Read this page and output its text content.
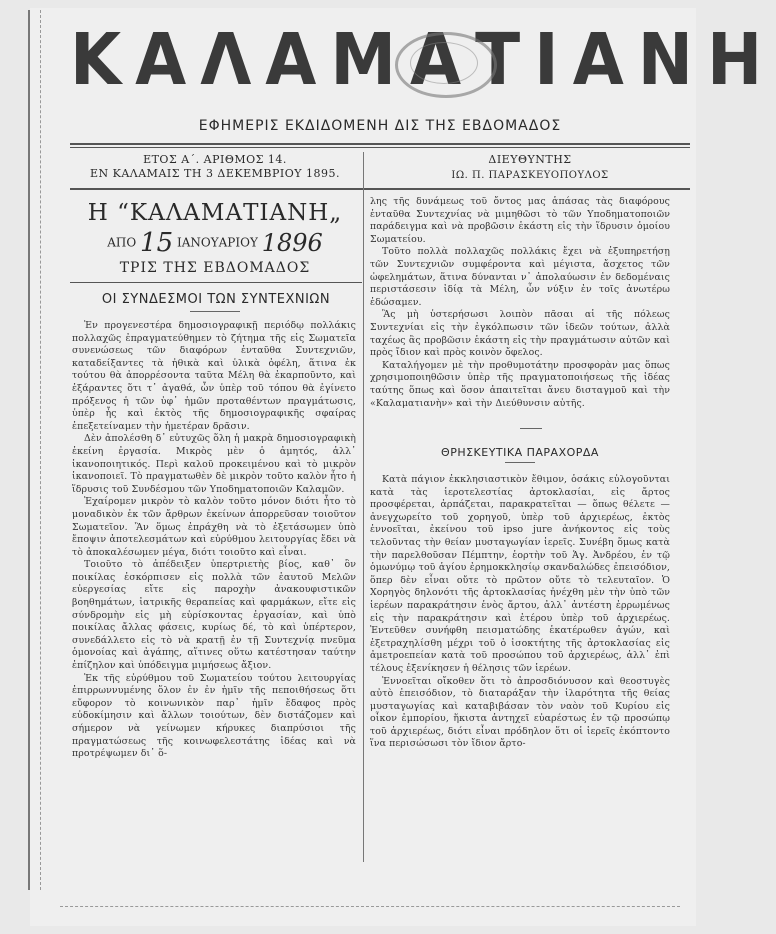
ΚΑΛΑΜΑΤΙΑΝΗ
ΕΦΗΜΕΡΙΣ ΕΚΔΙΔΟΜΕΝΗ ΔΙΣ ΤΗΣ ΕΒΔΟΜΑΔΟΣ
ΕΤΟΣ Α΄. ΑΡΙΘΜΟΣ 14.
ΕΝ ΚΑΛΑΜΑΙΣ ΤΗ 3 ΔΕΚΕΜΒΡΙΟΥ 1895.
ΔΙΕΥΘΥΝΤΗΣ
ΙΩ. Π. ΠΑΡΑΣΚΕΥΟΠΟΥΛΟΣ
Η “ΚΑΛΑΜΑΤΙΑΝΗ„
ΑΠΟ 15 ΙΑΝΟΥΑΡΙΟΥ 1896
ΤΡΙΣ ΤΗΣ ΕΒΔΟΜΑΔΟΣ
ΟΙ ΣΥΝΔΕΣΜΟΙ ΤΩΝ ΣΥΝΤΕΧΝΙΩΝ

Ἐν προγενεστέρα δημοσιογραφικῇ περιόδῳ πολλάκις πολλαχῶς ἐπραγματεύθημεν τὸ ζήτημα τῆς εἰς Σωματεῖα συνενώσεως τῶν διαφόρων ἐνταῦθα Συντεχνιῶν, καταδείξαντες τὰ ἠθικὰ καὶ ὑλικὰ ὀφέλη, ἅτινα ἐκ τούτου θὰ ἀπορρέσοντα ταῦτα Μέλη θὰ ἐκαρποῦντο, καὶ ἐξάραντες ὅτι τ᾽ ἀγαθά, ὧν ὑπὲρ τοῦ τόπου θὰ ἐγίνετο πρόξενος ἡ τῶν ὑφ᾽ ἡμῶν προταθέντων πραγμάτωσις, ὑπὲρ ἧς καὶ ἐκτὸς τῆς δημοσιογραφικῆς σφαίρας ἐπεξετείναμεν τὴν ἡμετέραν δρᾶσιν.

Δὲν ἀπολέσθη δ᾽ εὐτυχῶς ὅλη ἡ μακρὰ δημοσιογραφικὴ ἐκείνη ἐργασία. Μικρὸς μὲν ὁ ἀμητός, ἀλλ᾽ ἱκανοποιητικός. Περὶ καλοῦ προκειμένου καὶ τὸ μικρὸν ἱκανοποιεῖ. Τὸ πραγματωθὲν δὲ μικρὸν τοῦτο καλὸν ἦτο ἡ ἵδρυσις τοῦ Συνδέσμου τῶν Υποδηματοποιῶν Καλαμῶν.

Ἐχαίρομεν μικρὸν τὸ καλὸν τοῦτο μόνον διότι ἦτο τὸ μοναδικὸν ἐκ τῶν ἄρθρων ἐκείνων ἀπορρεῦσαν τοιοῦτον Σωματεῖον. Ἂν ὅμως ἐπράχθη νὰ τὸ ἐξετάσωμεν ὑπὸ ἔποψιν ἀποτελεσμάτων καὶ εὐρύθμου λειτουργίας ἔδει νὰ τὸ ἀποκαλέσωμεν μέγα, διότι τοιοῦτο καὶ εἶναι.

Τοιοῦτο τὸ ἀπέδειξεν ὑπερτριετὴς βίος, καθ᾽ ὃν ποικίλας ἐσκόρπισεν εἰς πολλὰ τῶν ἑαυτοῦ Μελῶν εὐεργεσίας εἴτε εἰς παροχὴν ἀνακουφιστικῶν βοηθημάτων, ἰατρικῆς θεραπείας καὶ φαρμάκων, εἴτε εἰς σύνδρομὴν εἰς μὴ εὑρίσκοντας ἐργασίαν, καὶ ὑπὸ ποικίλας ἄλλας φάσεις, κυρίως δέ, τὸ καὶ ὑπέρτερον, συνεδάλλετο εἰς τὸ νὰ κρατῇ ἐν τῇ Συντεχνίᾳ πνεῦμα ὁμονοίας καὶ ἀγάπης, αἵτινες οὕτω κατέστησαν ταύτην ἐπίζηλον καὶ ὑπόδειγμα μιμήσεως ἄξιον.

Ἐκ τῆς εὐρύθμου τοῦ Σωματείου τούτου λειτουργίας ἐπιρρωννυμένης ὅλον ἐν ἐν ἡμῖν τῆς πεποιθήσεως ὅτι εὔφορον τὸ κοινωνικὸν παρ᾽ ἡμῖν ἔδαφος πρὸς εὐδοκίμησιν καὶ ἄλλων τοιούτων, δὲν διστάζομεν καὶ σήμερον νὰ γείνωμεν κήρυκες διαπρύσιοι τῆς πραγματώσεως τῆς κοινωφελεστάτης ἰδέας καὶ νὰ προτρέψωμεν δι᾽ ὅ-

λης τῆς δυνάμεως τοῦ ὄντος μας ἁπάσας τὰς διαφόρους ἐνταῦθα Συντεχνίας νὰ μιμηθῶσι τὸ τῶν Υποδηματοποιῶν παράδειγμα καὶ νὰ προβῶσιν ἑκάστη εἰς τὴν ἵδρυσιν ὁμοίου Σωματείου.

Τοῦτο πολλὰ πολλαχῶς πολλάκις ἔχει νὰ ἐξυπηρετήσῃ τῶν Συντεχνιῶν συμφέροντα καὶ μέγιστα, ἄσχετος τῶν ὠφελημάτων, ἅτινα δύνανται ν᾽ ἀπολαύωσιν ἐν δεδομέναις περιστάσεσιν ἰδίᾳ τὰ Μέλη, ὧν νύξιν ἐν τοῖς ἀνωτέρω ἐδώσαμεν.

Ἂς μὴ ὑστερήσωσι λοιπὸν πᾶσαι αἱ τῆς πόλεως Συντεχνίαι εἰς τὴν ἐγκόλπωσιν τῶν ἰδεῶν τούτων, ἀλλὰ ταχέως ἂς προβῶσιν ἑκάστη εἰς τὴν πραγμάτωσιν αὐτῶν καὶ πρὸς ἴδιον καὶ πρὸς κοινὸν ὄφελος.

Καταλήγομεν μὲ τὴν προθυμοτάτην προσφορὰν μας ὅπως χρησιμοποιηθῶσιν ὑπὲρ τῆς πραγματοποιήσεως τῆς ἰδέας ταύτης ὅπως καὶ ὅσον ἀπαιτεῖται ἄνευ δισταγμοῦ καὶ τὴν «Καλαματιανὴν» καὶ τὴν Διεύθυνσιν αὐτῆς.

ΘΡΗΣΚΕΥΤΙΚΑ ΠΑΡΑΧΟΡΔΑ

Κατὰ πάγιον ἐκκλησιαστικὸν ἔθιμον, ὁσάκις εὐλογοῦνται κατὰ τὰς ἱεροτελεστίας ἀρτοκλασίαι, εἰς ἄρτος προσφέρεται, ἀρπάζεται, παρακρατεῖται — ὅπως θέλετε — ἀνεγχωρείτο τοῦ χορηγοῦ, ὑπὲρ τοῦ ἀρχιερέως, ἐκτὸς ἐννοεῖται, ἐκείνου τοῦ ipso jure ἀνήκοντος εἰς τοὺς τελοῦντας τὴν θείαν μυσταγωγίαν ἱερεῖς. Συνέβη ὅμως κατὰ τὴν παρελθοῦσαν Πέμπτην, ἑορτὴν τοῦ Ἁγ. Ἀνδρέου, ἐν τῷ ὁμωνύμῳ τοῦ ἁγίου ἐρημοκκλησίῳ σκανδαλώδες ἐπεισόδιον, ὅπερ δὲν εἶναι οὔτε τὸ πρῶτον οὔτε τὸ τελευταῖον. Ὁ Χορηγὸς δηλονότι τῆς ἀρτοκλασίας ἠνέχθη μὲν τὴν ὑπὸ τῶν ἱερέων παρακράτησιν ἑνὸς ἄρτου, ἀλλ᾽ ἀντέστη ἐρρωμένως εἰς τὴν παρακράτησιν καὶ ἑτέρου ὑπὲρ τοῦ ἀρχιερέως. Ἐντεῦθεν συνήφθη πεισματώδης ἑκατέρωθεν ἀγών, καὶ ἐξετραχηλίσθη μέχρι τοῦ ὁ ἰσοκτήτης τῆς ἀρτοκλασίας εἰς ἀμετροεπείαν κατὰ τοῦ προσώπου τοῦ ἀρχιερέως, ἀλλ᾽ ἐπὶ τέλους ἐξενίκησεν ἡ θέλησις τῶν ἱερέων.

Ἐννοεῖται οἴκοθεν ὅτι τὸ ἀπροσδιόνυσον καὶ θεοστυγὲς αὐτὸ ἐπεισόδιον, τὸ διαταράξαν τὴν ἱλαρότητα τῆς θείας μυσταγωγίας καὶ καταβιβάσαν τὸν ναὸν τοῦ Κυρίου εἰς οἶκον ἐμπορίου, ἥκιστα ἀντηχεῖ εὐαρέστως ἐν τῷ προσώπῳ τοῦ ἀρχιερέως, διότι εἶναι πρόδηλον ὅτι οἱ ἱερεῖς ἐκόπτοντο ἵνα περισώσωσι τὸν ἴδιον ἄρτο-
